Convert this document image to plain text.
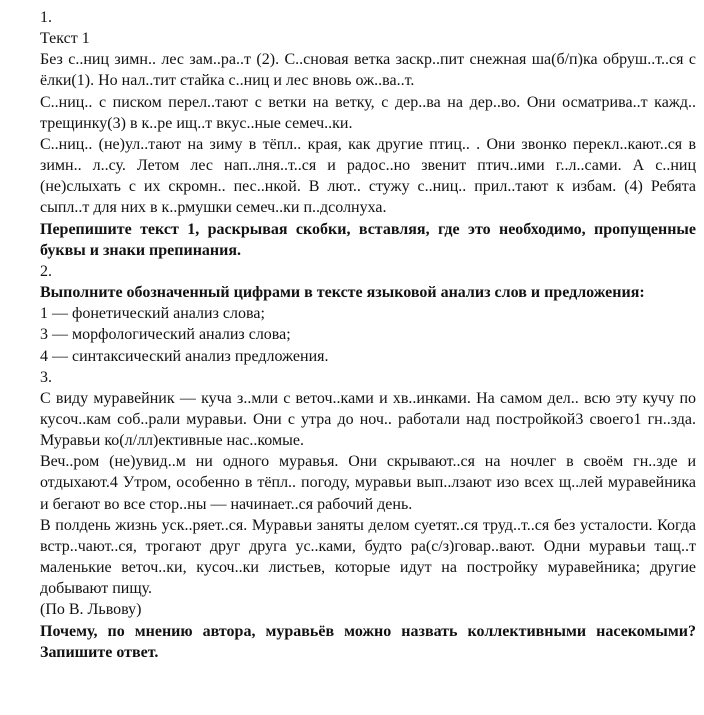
1.

Текст 1

Без с..ниц зимн.. лес зам..ра..т (2). С..сновая ветка заскр..пит снежная ша(б/п)ка обруш..т..ся с ёлки(1). Но нал..тит стайка с..ниц и лес вновь ож..ва..т.

С..ниц.. с писком перел..тают с ветки на ветку, с дер..ва на дер..во. Они осматрива..т кажд.. трещинку(3) в к..ре ищ..т вкус..ные семеч..ки.

С..ниц.. (не)ул..тают на зиму в тёпл.. края, как другие птиц.. . Они звонко перекл..кают..ся в зимн.. л..су. Летом лес нап..лня..т..ся и радос..но звенит птич..ими г..л..сами. А с..ниц (не)слыхать с их скромн.. пес..нкой. В лют.. стужу с..ниц.. прил..тают к избам. (4) Ребята сыпл..т для них в к..рмушки семеч..ки п..дсолнуха.

Перепишите текст 1, раскрывая скобки, вставляя, где это необходимо, пропущенные буквы и знаки препинания.

2.

Выполните обозначенный цифрами в тексте языковой анализ слов и предложения:

1 — фонетический анализ слова;

3 — морфологический анализ слова;

4 — синтаксический анализ предложения.

3.

С виду муравейник — куча з..мли с веточ..ками и хв..инками. На самом дел.. всю эту кучу по кусоч..кам соб..рали муравьи. Они с утра до ноч.. работали над постройкой3 своего1 гн..зда. Муравьи ко(л/лл)ективные нас..комые.

Веч..ром (не)увид..м ни одного муравья. Они скрывают..ся на ночлег в своём гн..зде и отдыхают.4 Утром, особенно в тёпл.. погоду, муравьи вып..лзают изо всех щ..лей муравейника и бегают во все стор..ны — начинает..ся рабочий день.

В полдень жизнь уск..ряет..ся. Муравьи заняты делом суетят..ся труд..т..ся без усталости. Когда встр..чают..ся, трогают друг друга ус..ками, будто ра(с/з)говар..вают. Одни муравьи тащ..т маленькие веточ..ки, кусоч..ки листьев, которые идут на постройку муравейника; другие добывают пищу.

(По В. Львову)

Почему, по мнению автора, муравьёв можно назвать коллективными насекомыми? Запишите ответ.
